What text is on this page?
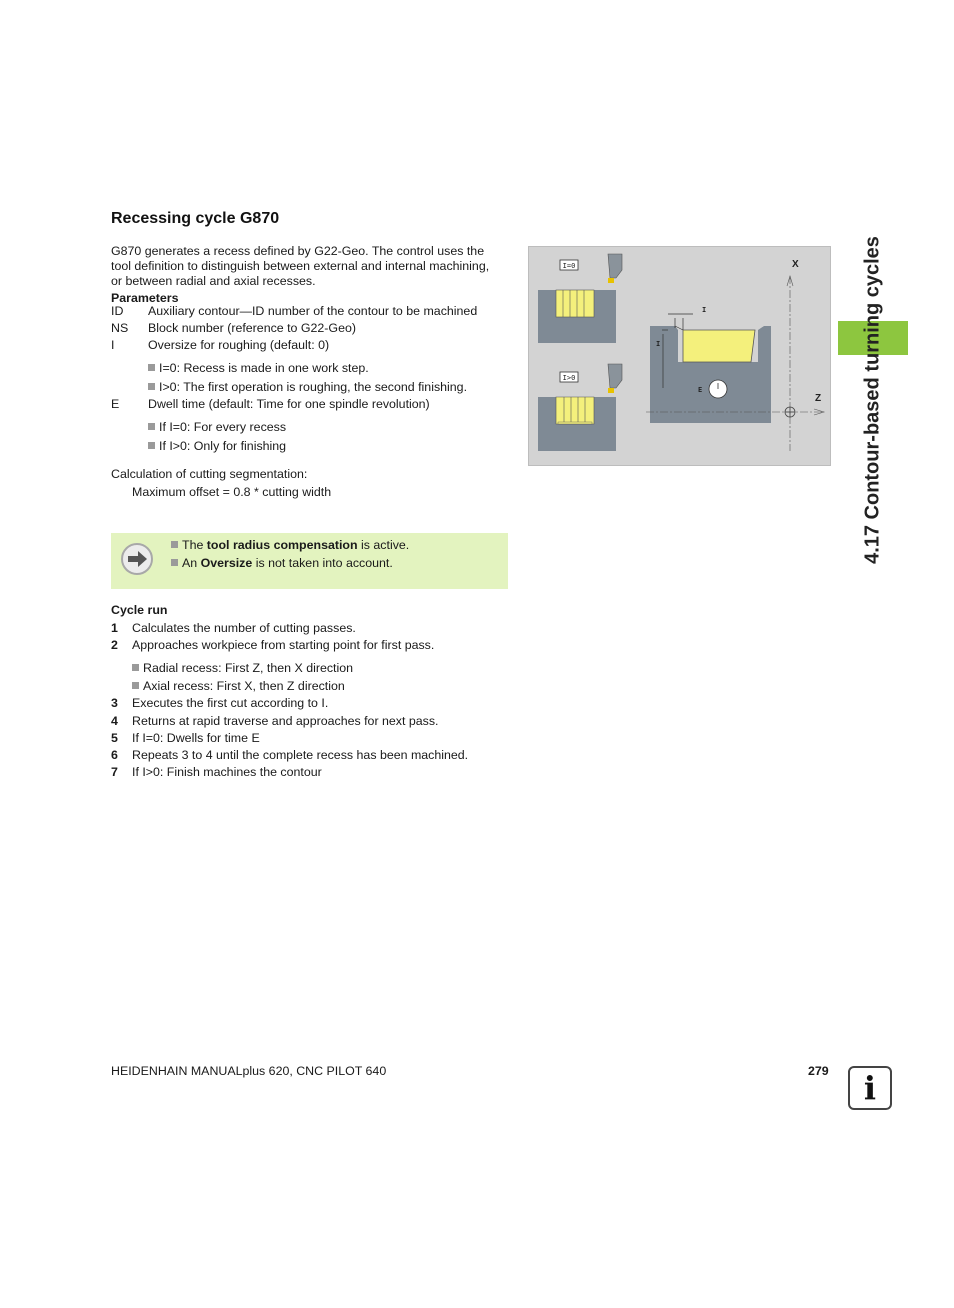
Recessing cycle G870
G870 generates a recess defined by G22-Geo. The control uses the
tool definition to distinguish between external and internal machining,
or between radial and axial recesses.
Parameters
ID	Auxiliary contour—ID number of the contour to be machined
NS	Block number (reference to G22-Geo)
I	Oversize for roughing (default: 0)
I=0: Recess is made in one work step.
I>0: The first operation is roughing, the second finishing.
E	Dwell time (default: Time for one spindle revolution)
If I=0: For every recess
If I>0: Only for finishing
Calculation of cutting segmentation:
Maximum offset = 0.8 * cutting width
The tool radius compensation is active.
An Oversize is not taken into account.
Cycle run
1 Calculates the number of cutting passes.
2 Approaches workpiece from starting point for first pass.
Radial recess: First Z, then X direction
Axial recess: First X, then Z direction
3 Executes the first cut according to I.
4 Returns at rapid traverse and approaches for next pass.
5 If I=0: Dwells for time E
6 Repeats 3 to 4 until the complete recess has been machined.
7 If I>0: Finish machines the contour
I=0
I>0
I
I
E
X
Z 4.17 Contour-based turning cycles
HEIDENHAIN MANUALplus 620, CNC PILOT 640	279	i
